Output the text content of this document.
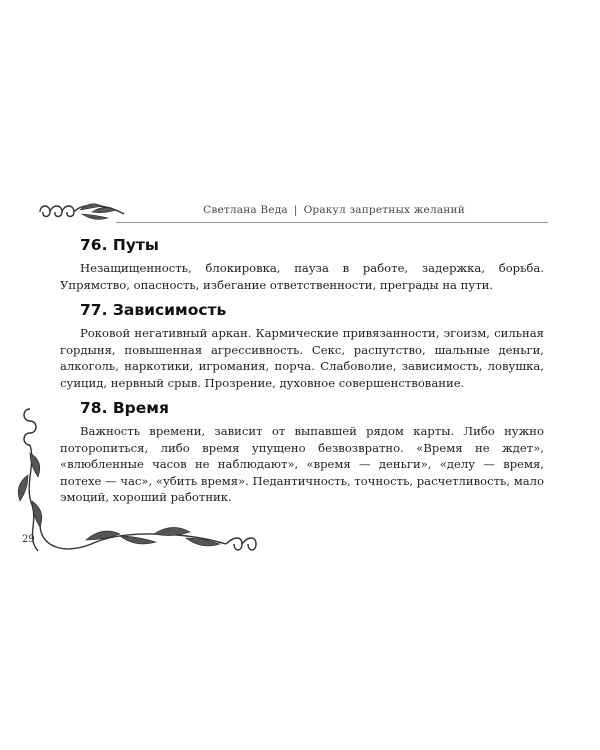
Светлана Веда | Оракул запретных желаний
76. Путы

Незащищенность, блокировка, пауза в работе, задержка, борьба. Упрямство, опасность, избегание ответственности, преграды на пути.

77. Зависимость

Роковой негативный аркан. Кармические привязанности, эгоизм, сильная гордыня, повышенная агрессивность. Секс, распутство, шальные деньги, алкоголь, наркотики, игромания, порча. Слабоволие, зависимость, ловушка, суицид, нервный срыв. Прозрение, духовное совершенствование.

78. Время

Важность времени, зависит от выпавшей рядом карты. Либо нужно поторопиться, либо время упущено безвозвратно. «Время не ждет», «влюбленные часов не наблюдают», «время — деньги», «делу — время, потехе — час», «убить время». Педантичность, точность, расчетливость, мало эмоций, хороший работник.

29
